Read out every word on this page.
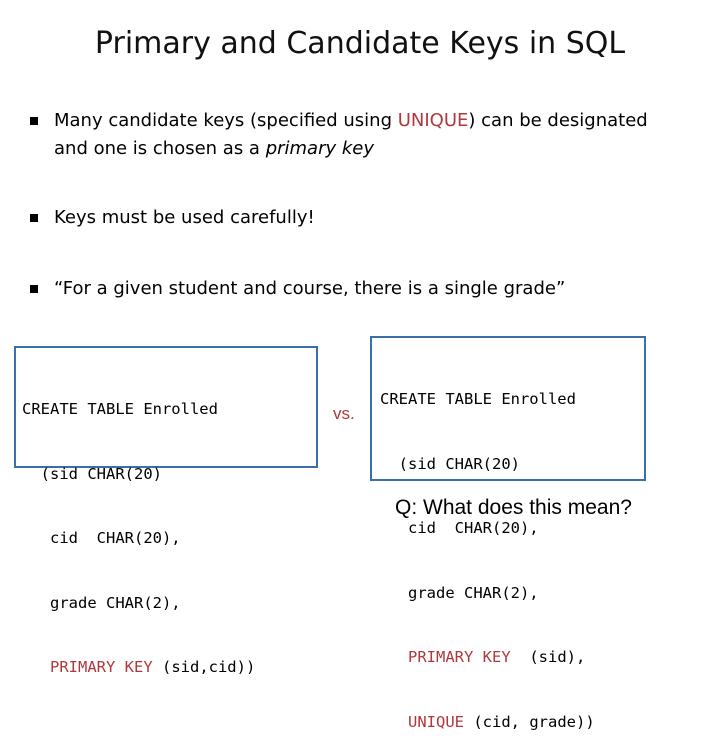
Primary and Candidate Keys in SQL
Many candidate keys (specified using UNIQUE) can be designated
and one is chosen as a primary key
Keys must be used carefully!
“For a given student and course, there is a single grade”

CREATE TABLE Enrolled

(sid CHAR(20)

cid  CHAR(20),

grade CHAR(2),

PRIMARY KEY (sid,cid))

vs.

CREATE TABLE Enrolled

(sid CHAR(20)

cid  CHAR(20),

grade CHAR(2),

PRIMARY KEY  (sid),

UNIQUE (cid, grade))

Q: What does this mean?
